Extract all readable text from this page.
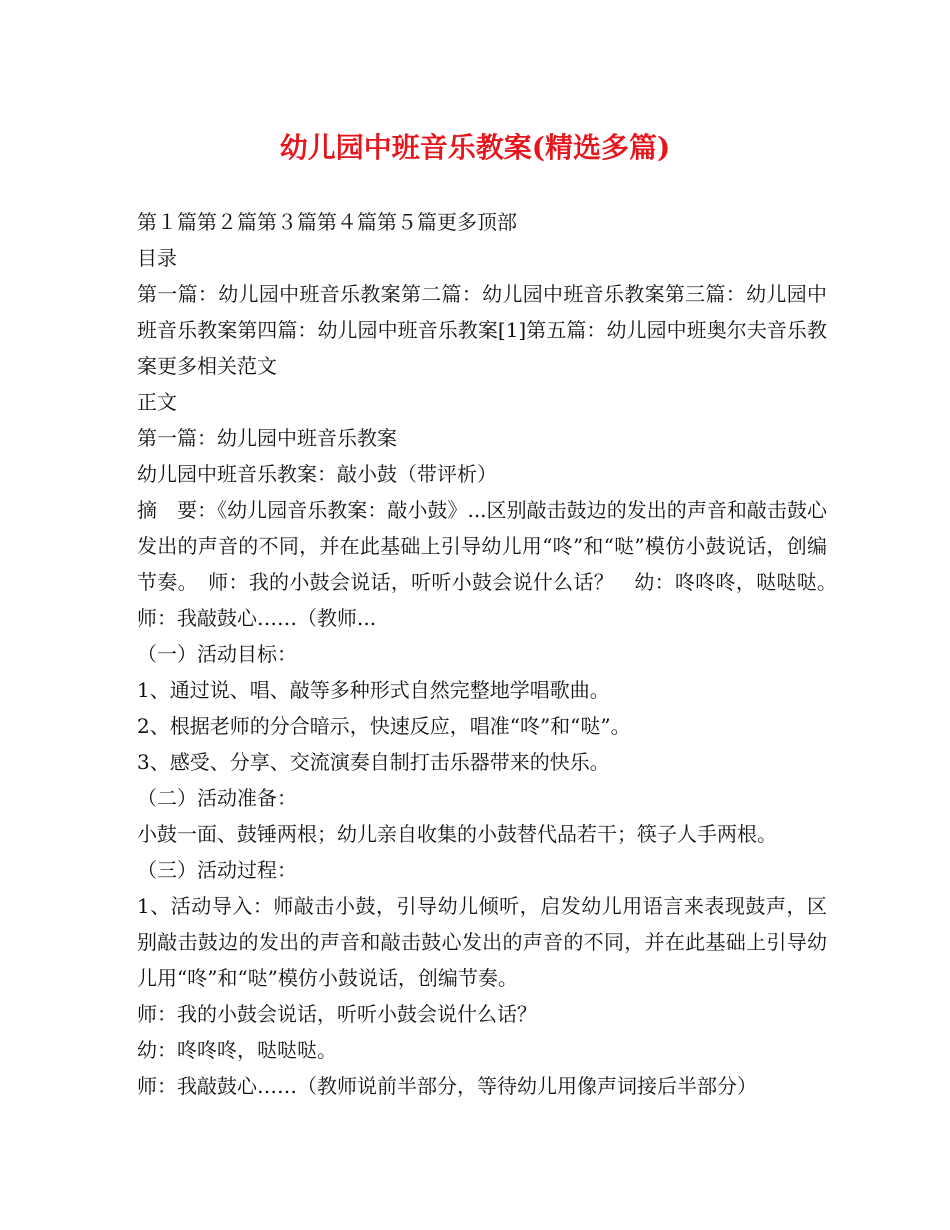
幼儿园中班音乐教案(精选多篇)

第１篇第２篇第３篇第４篇第５篇更多顶部

目录

第一篇：幼儿园中班音乐教案第二篇：幼儿园中班音乐教案第三篇：幼儿园中班音乐教案第四篇：幼儿园中班音乐教案[1]第五篇：幼儿园中班奥尔夫音乐教案更多相关范文

正文

第一篇：幼儿园中班音乐教案

幼儿园中班音乐教案：敲小鼓（带评析）

摘　要：《幼儿园音乐教案：敲小鼓》...区别敲击鼓边的发出的声音和敲击鼓心发出的声音的不同，并在此基础上引导幼儿用“咚”和“哒”模仿小鼓说话，创编节奏。　师：我的小鼓会说话，听听小鼓会说什么话？　幼：咚咚咚，哒哒哒。　师：我敲鼓心……（教师...

（一）活动目标：

1、通过说、唱、敲等多种形式自然完整地学唱歌曲。

2、根据老师的分合暗示，快速反应，唱准“咚”和“哒”。

3、感受、分享、交流演奏自制打击乐器带来的快乐。

（二）活动准备：

小鼓一面、鼓锤两根；幼儿亲自收集的小鼓替代品若干；筷子人手两根。

（三）活动过程：

1、活动导入：师敲击小鼓，引导幼儿倾听，启发幼儿用语言来表现鼓声，区别敲击鼓边的发出的声音和敲击鼓心发出的声音的不同，并在此基础上引导幼儿用“咚”和“哒”模仿小鼓说话，创编节奏。

师：我的小鼓会说话，听听小鼓会说什么话？

幼：咚咚咚，哒哒哒。

师：我敲鼓心……（教师说前半部分，等待幼儿用像声词接后半部分）
